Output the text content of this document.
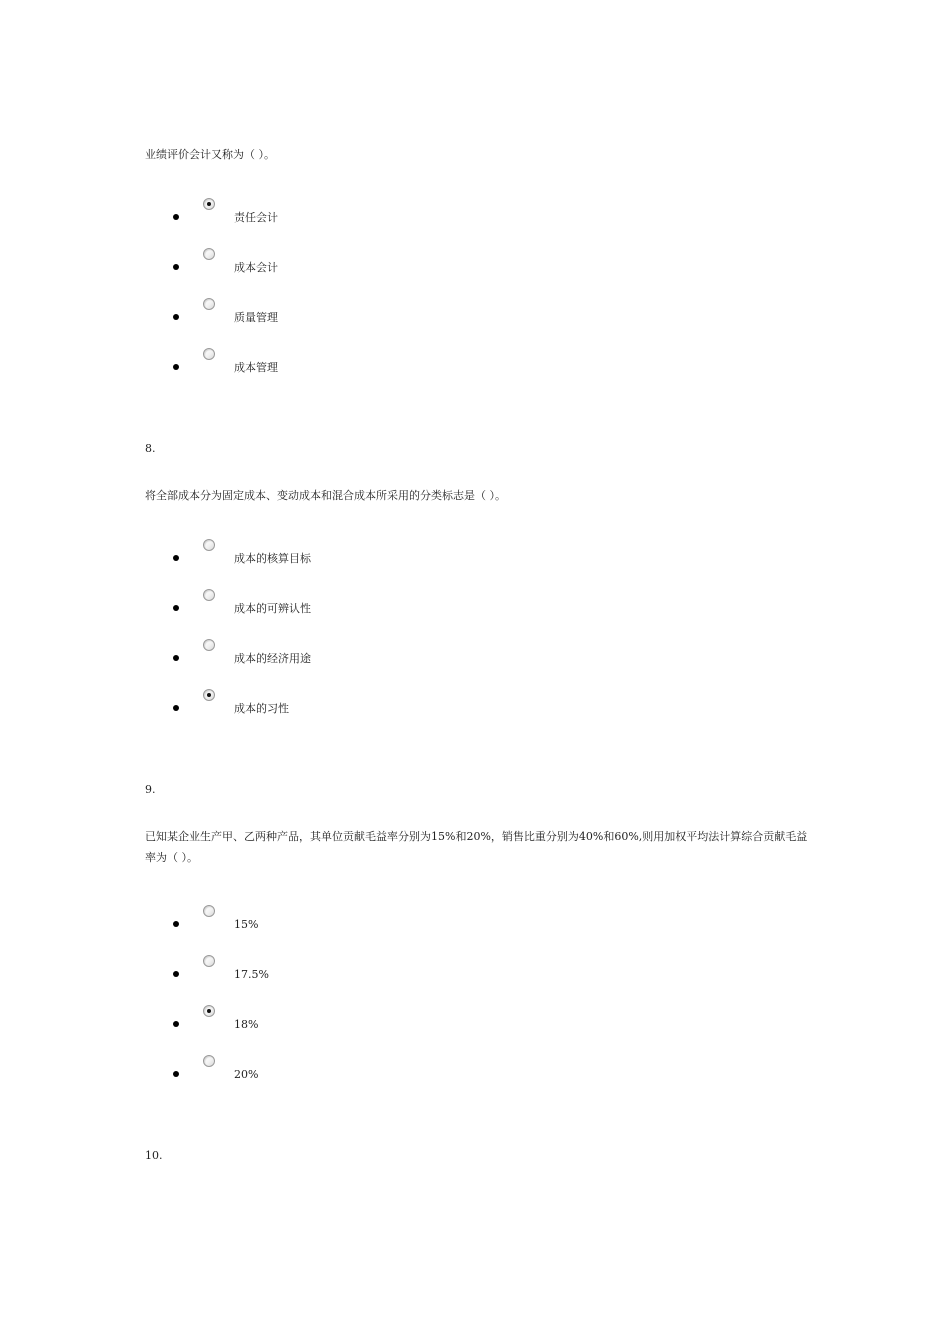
业绩评价会计又称为（ ）。

责任会计
成本会计
质量管理
成本管理

8.

将全部成本分为固定成本、变动成本和混合成本所采用的分类标志是（ ）。

成本的核算目标
成本的可辨认性
成本的经济用途
成本的习性

9.

已知某企业生产甲、乙两种产品，其单位贡献毛益率分别为15%和20%，销售比重分别为40%和60%,则用加权平均法计算综合贡献毛益率为（ ）。

15%
17.5%
18%
20%

10.
